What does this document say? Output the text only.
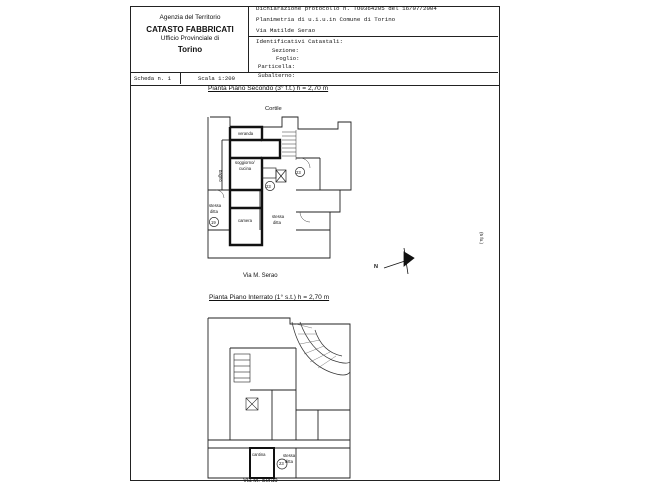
Agenzia del Territorio
CATASTO FABBRICATI
Ufficio Provinciale di
Torino
Dichiarazione protocollo n. TO0364205 del 16/07/2004
Planimetria di u.i.u.in Comune di Torino
Via Matilde Serao
Identificativi Catastali:
Sezione:
Foglio:
Particella:
Subalterno:
Scheda n. 1	Scala 1:200
(5 fo.)
Pianta Piano Secondo (3° f.t.) h = 2,70 m
Cortile
veranda
soggiorno/
cucina
bagno
stessa
ditta
camera
stessa
ditta
23
23
19
Via M. Serao
N
Pianta Piano Interrato (1° s.t.) h = 2,70 m
cantina	stessa
ditta
23
Via M. Serao
